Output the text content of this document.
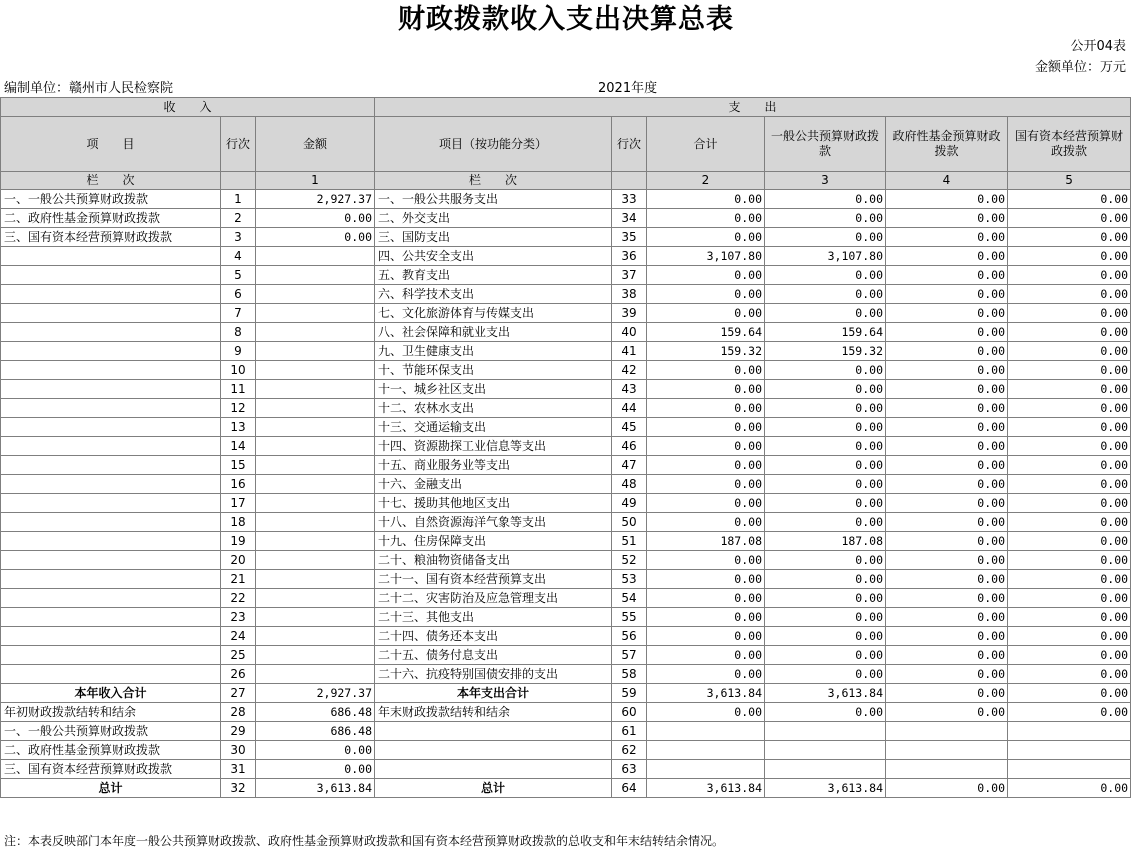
财政拨款收入支出决算总表
公开04表
金额单位：万元
编制单位：赣州市人民检察院	2021年度
收　　入			支　　出					
项　　目	行次	金额	项目（按功能分类）	行次	合计	一般公共预算财政拨款	政府性基金预算财政拨款	国有资本经营预算财政拨款
栏　　次		1	栏　　次		2	3	4	5
一、一般公共预算财政拨款	1	2,927.37	一、一般公共服务支出	33	0.00	0.00	0.00	0.00
二、政府性基金预算财政拨款	2	0.00	二、外交支出	34	0.00	0.00	0.00	0.00
三、国有资本经营预算财政拨款	3	0.00	三、国防支出	35	0.00	0.00	0.00	0.00
	4		四、公共安全支出	36	3,107.80	3,107.80	0.00	0.00
	5		五、教育支出	37	0.00	0.00	0.00	0.00
	6		六、科学技术支出	38	0.00	0.00	0.00	0.00
	7		七、文化旅游体育与传媒支出	39	0.00	0.00	0.00	0.00
	8		八、社会保障和就业支出	40	159.64	159.64	0.00	0.00
	9		九、卫生健康支出	41	159.32	159.32	0.00	0.00
	10		十、节能环保支出	42	0.00	0.00	0.00	0.00
	11		十一、城乡社区支出	43	0.00	0.00	0.00	0.00
	12		十二、农林水支出	44	0.00	0.00	0.00	0.00
	13		十三、交通运输支出	45	0.00	0.00	0.00	0.00
	14		十四、资源勘探工业信息等支出	46	0.00	0.00	0.00	0.00
	15		十五、商业服务业等支出	47	0.00	0.00	0.00	0.00
	16		十六、金融支出	48	0.00	0.00	0.00	0.00
	17		十七、援助其他地区支出	49	0.00	0.00	0.00	0.00
	18		十八、自然资源海洋气象等支出	50	0.00	0.00	0.00	0.00
	19		十九、住房保障支出	51	187.08	187.08	0.00	0.00
	20		二十、粮油物资储备支出	52	0.00	0.00	0.00	0.00
	21		二十一、国有资本经营预算支出	53	0.00	0.00	0.00	0.00
	22		二十二、灾害防治及应急管理支出	54	0.00	0.00	0.00	0.00
	23		二十三、其他支出	55	0.00	0.00	0.00	0.00
	24		二十四、债务还本支出	56	0.00	0.00	0.00	0.00
	25		二十五、债务付息支出	57	0.00	0.00	0.00	0.00
	26		二十六、抗疫特别国债安排的支出	58	0.00	0.00	0.00	0.00
本年收入合计	27	2,927.37	本年支出合计	59	3,613.84	3,613.84	0.00	0.00
年初财政拨款结转和结余	28	686.48	年末财政拨款结转和结余	60	0.00	0.00	0.00	0.00
一、一般公共预算财政拨款	29	686.48		61				
二、政府性基金预算财政拨款	30	0.00		62				
三、国有资本经营预算财政拨款	31	0.00		63				
总计	32	3,613.84	总计	64	3,613.84	3,613.84	0.00	0.00
注：本表反映部门本年度一般公共预算财政拨款、政府性基金预算财政拨款和国有资本经营预算财政拨款的总收支和年末结转结余情况。
